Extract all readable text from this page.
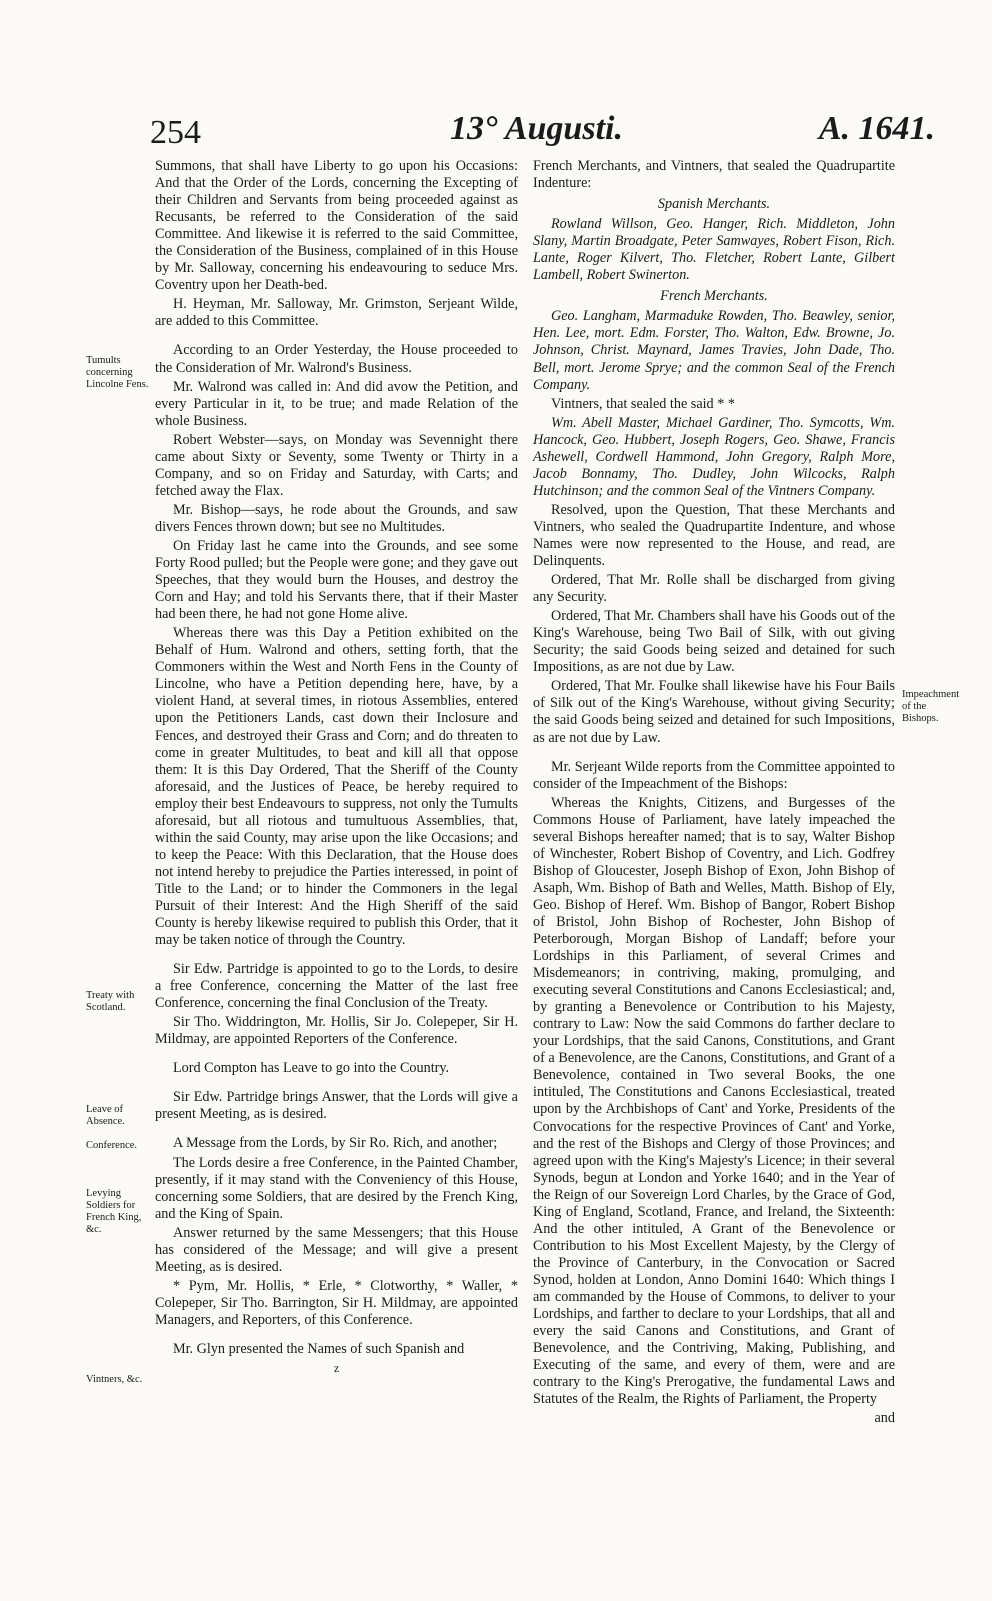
254	13° Augusti.	A. 1641.

Summons, that shall have Liberty to go upon his Occasions: And that the Order of the Lords, concerning the Excepting of their Children and Servants from being proceeded against as Recusants, be referred to the Consideration of the said Committee. And likewise it is referred to the said Committee, the Consideration of the Business, complained of in this House by Mr. Salloway, concerning his endeavouring to seduce Mrs. Coventry upon her Death-bed.

H. Heyman, Mr. Salloway, Mr. Grimston, Serjeant Wilde, are added to this Committee.

According to an Order Yesterday, the House proceeded to the Consideration of Mr. Walrond's Business.

Mr. Walrond was called in: And did avow the Petition, and every Particular in it, to be true; and made Relation of the whole Business.

Robert Webster—says, on Monday was Sevennight there came about Sixty or Seventy, some Twenty or Thirty in a Company, and so on Friday and Saturday, with Carts; and fetched away the Flax.

Mr. Bishop—says, he rode about the Grounds, and saw divers Fences thrown down; but see no Multitudes.

On Friday last he came into the Grounds, and see some Forty Rood pulled; but the People were gone; and they gave out Speeches, that they would burn the Houses, and destroy the Corn and Hay; and told his Servants there, that if their Master had been there, he had not gone Home alive.

Whereas there was this Day a Petition exhibited on the Behalf of Hum. Walrond and others, setting forth, that the Commoners within the West and North Fens in the County of Lincolne, who have a Petition depending here, have, by a violent Hand, at several times, in riotous Assemblies, entered upon the Petitioners Lands, cast down their Inclosure and Fences, and destroyed their Grass and Corn; and do threaten to come in greater Multitudes, to beat and kill all that oppose them: It is this Day Ordered, That the Sheriff of the County aforesaid, and the Justices of Peace, be hereby required to employ their best Endeavours to suppress, not only the Tumults aforesaid, but all riotous and tumultuous Assemblies, that, within the said County, may arise upon the like Occasions; and to keep the Peace: With this Declaration, that the House does not intend hereby to prejudice the Parties interessed, in point of Title to the Land; or to hinder the Commoners in the legal Pursuit of their Interest: And the High Sheriff of the said County is hereby likewise required to publish this Order, that it may be taken notice of through the Country.

Sir Edw. Partridge is appointed to go to the Lords, to desire a free Conference, concerning the Matter of the last free Conference, concerning the final Conclusion of the Treaty.

Sir Tho. Widdrington, Mr. Hollis, Sir Jo. Colepeper, Sir H. Mildmay, are appointed Reporters of the Conference.

Lord Compton has Leave to go into the Country.

Sir Edw. Partridge brings Answer, that the Lords will give a present Meeting, as is desired.

A Message from the Lords, by Sir Ro. Rich, and another;

The Lords desire a free Conference, in the Painted Chamber, presently, if it may stand with the Conveniency of this House, concerning some Soldiers, that are desired by the French King, and the King of Spain.

Answer returned by the same Messengers; that this House has considered of the Message; and will give a present Meeting, as is desired.

* Pym, Mr. Hollis, * Erle, * Clotworthy, * Waller, * Colepeper, Sir Tho. Barrington, Sir H. Mildmay, are appointed Managers, and Reporters, of this Conference.

Mr. Glyn presented the Names of such Spanish and

z

French Merchants, and Vintners, that sealed the Quadrupartite Indenture:

Spanish Merchants.

Rowland Willson, Geo. Hanger, Rich. Middleton, John Slany, Martin Broadgate, Peter Samwayes, Robert Fison, Rich. Lante, Roger Kilvert, Tho. Fletcher, Robert Lante, Gilbert Lambell, Robert Swinerton.

French Merchants.

Geo. Langham, Marmaduke Rowden, Tho. Beawley, senior, Hen. Lee, mort. Edm. Forster, Tho. Walton, Edw. Browne, Jo. Johnson, Christ. Maynard, James Travies, John Dade, Tho. Bell, mort. Jerome Sprye; and the common Seal of the French Company.

Vintners, that sealed the said * *

Wm. Abell Master, Michael Gardiner, Tho. Symcotts, Wm. Hancock, Geo. Hubbert, Joseph Rogers, Geo. Shawe, Francis Ashewell, Cordwell Hammond, John Gregory, Ralph More, Jacob Bonnamy, Tho. Dudley, John Wilcocks, Ralph Hutchinson; and the common Seal of the Vintners Company.

Resolved, upon the Question, That these Merchants and Vintners, who sealed the Quadrupartite Indenture, and whose Names were now represented to the House, and read, are Delinquents.

Ordered, That Mr. Rolle shall be discharged from giving any Security.

Ordered, That Mr. Chambers shall have his Goods out of the King's Warehouse, being Two Bail of Silk, with out giving Security; the said Goods being seized and detained for such Impositions, as are not due by Law.

Ordered, That Mr. Foulke shall likewise have his Four Bails of Silk out of the King's Warehouse, without giving Security; the said Goods being seized and detained for such Impositions, as are not due by Law.

Mr. Serjeant Wilde reports from the Committee appointed to consider of the Impeachment of the Bishops:

Whereas the Knights, Citizens, and Burgesses of the Commons House of Parliament, have lately impeached the several Bishops hereafter named; that is to say, Walter Bishop of Winchester, Robert Bishop of Coventry, and Lich. Godfrey Bishop of Gloucester, Joseph Bishop of Exon, John Bishop of Asaph, Wm. Bishop of Bath and Welles, Matth. Bishop of Ely, Geo. Bishop of Heref. Wm. Bishop of Bangor, Robert Bishop of Bristol, John Bishop of Rochester, John Bishop of Peterborough, Morgan Bishop of Landaff; before your Lordships in this Parliament, of several Crimes and Misdemeanors; in contriving, making, promulging, and executing several Constitutions and Canons Ecclesiastical; and, by granting a Benevolence or Contribution to his Majesty, contrary to Law: Now the said Commons do farther declare to your Lordships, that the said Canons, Constitutions, and Grant of a Benevolence, are the Canons, Constitutions, and Grant of a Benevolence, contained in Two several Books, the one intituled, The Constitutions and Canons Ecclesiastical, treated upon by the Archbishops of Cant' and Yorke, Presidents of the Convocations for the respective Provinces of Cant' and Yorke, and the rest of the Bishops and Clergy of those Provinces; and agreed upon with the King's Majesty's Licence; in their several Synods, begun at London and Yorke 1640; and in the Year of the Reign of our Sovereign Lord Charles, by the Grace of God, King of England, Scotland, France, and Ireland, the Sixteenth: And the other intituled, A Grant of the Benevolence or Contribution to his Most Excellent Majesty, by the Clergy of the Province of Canterbury, in the Convocation or Sacred Synod, holden at London, Anno Domini 1640: Which things I am commanded by the House of Commons, to deliver to your Lordships, and farther to declare to your Lordships, that all and every the said Canons and Constitutions, and Grant of Benevolence, and the Contriving, Making, Publishing, and Executing of the same, and every of them, were and are contrary to the King's Prerogative, the fundamental Laws and Statutes of the Realm, the Rights of Parliament, the Property

and

Tumults concerning Lincolne Fens.
Treaty with Scotland.
Leave of Absence.
Conference.
Levying Soldiers for French King, &c.
Vintners, &c.
Impeachment of the Bishops.
